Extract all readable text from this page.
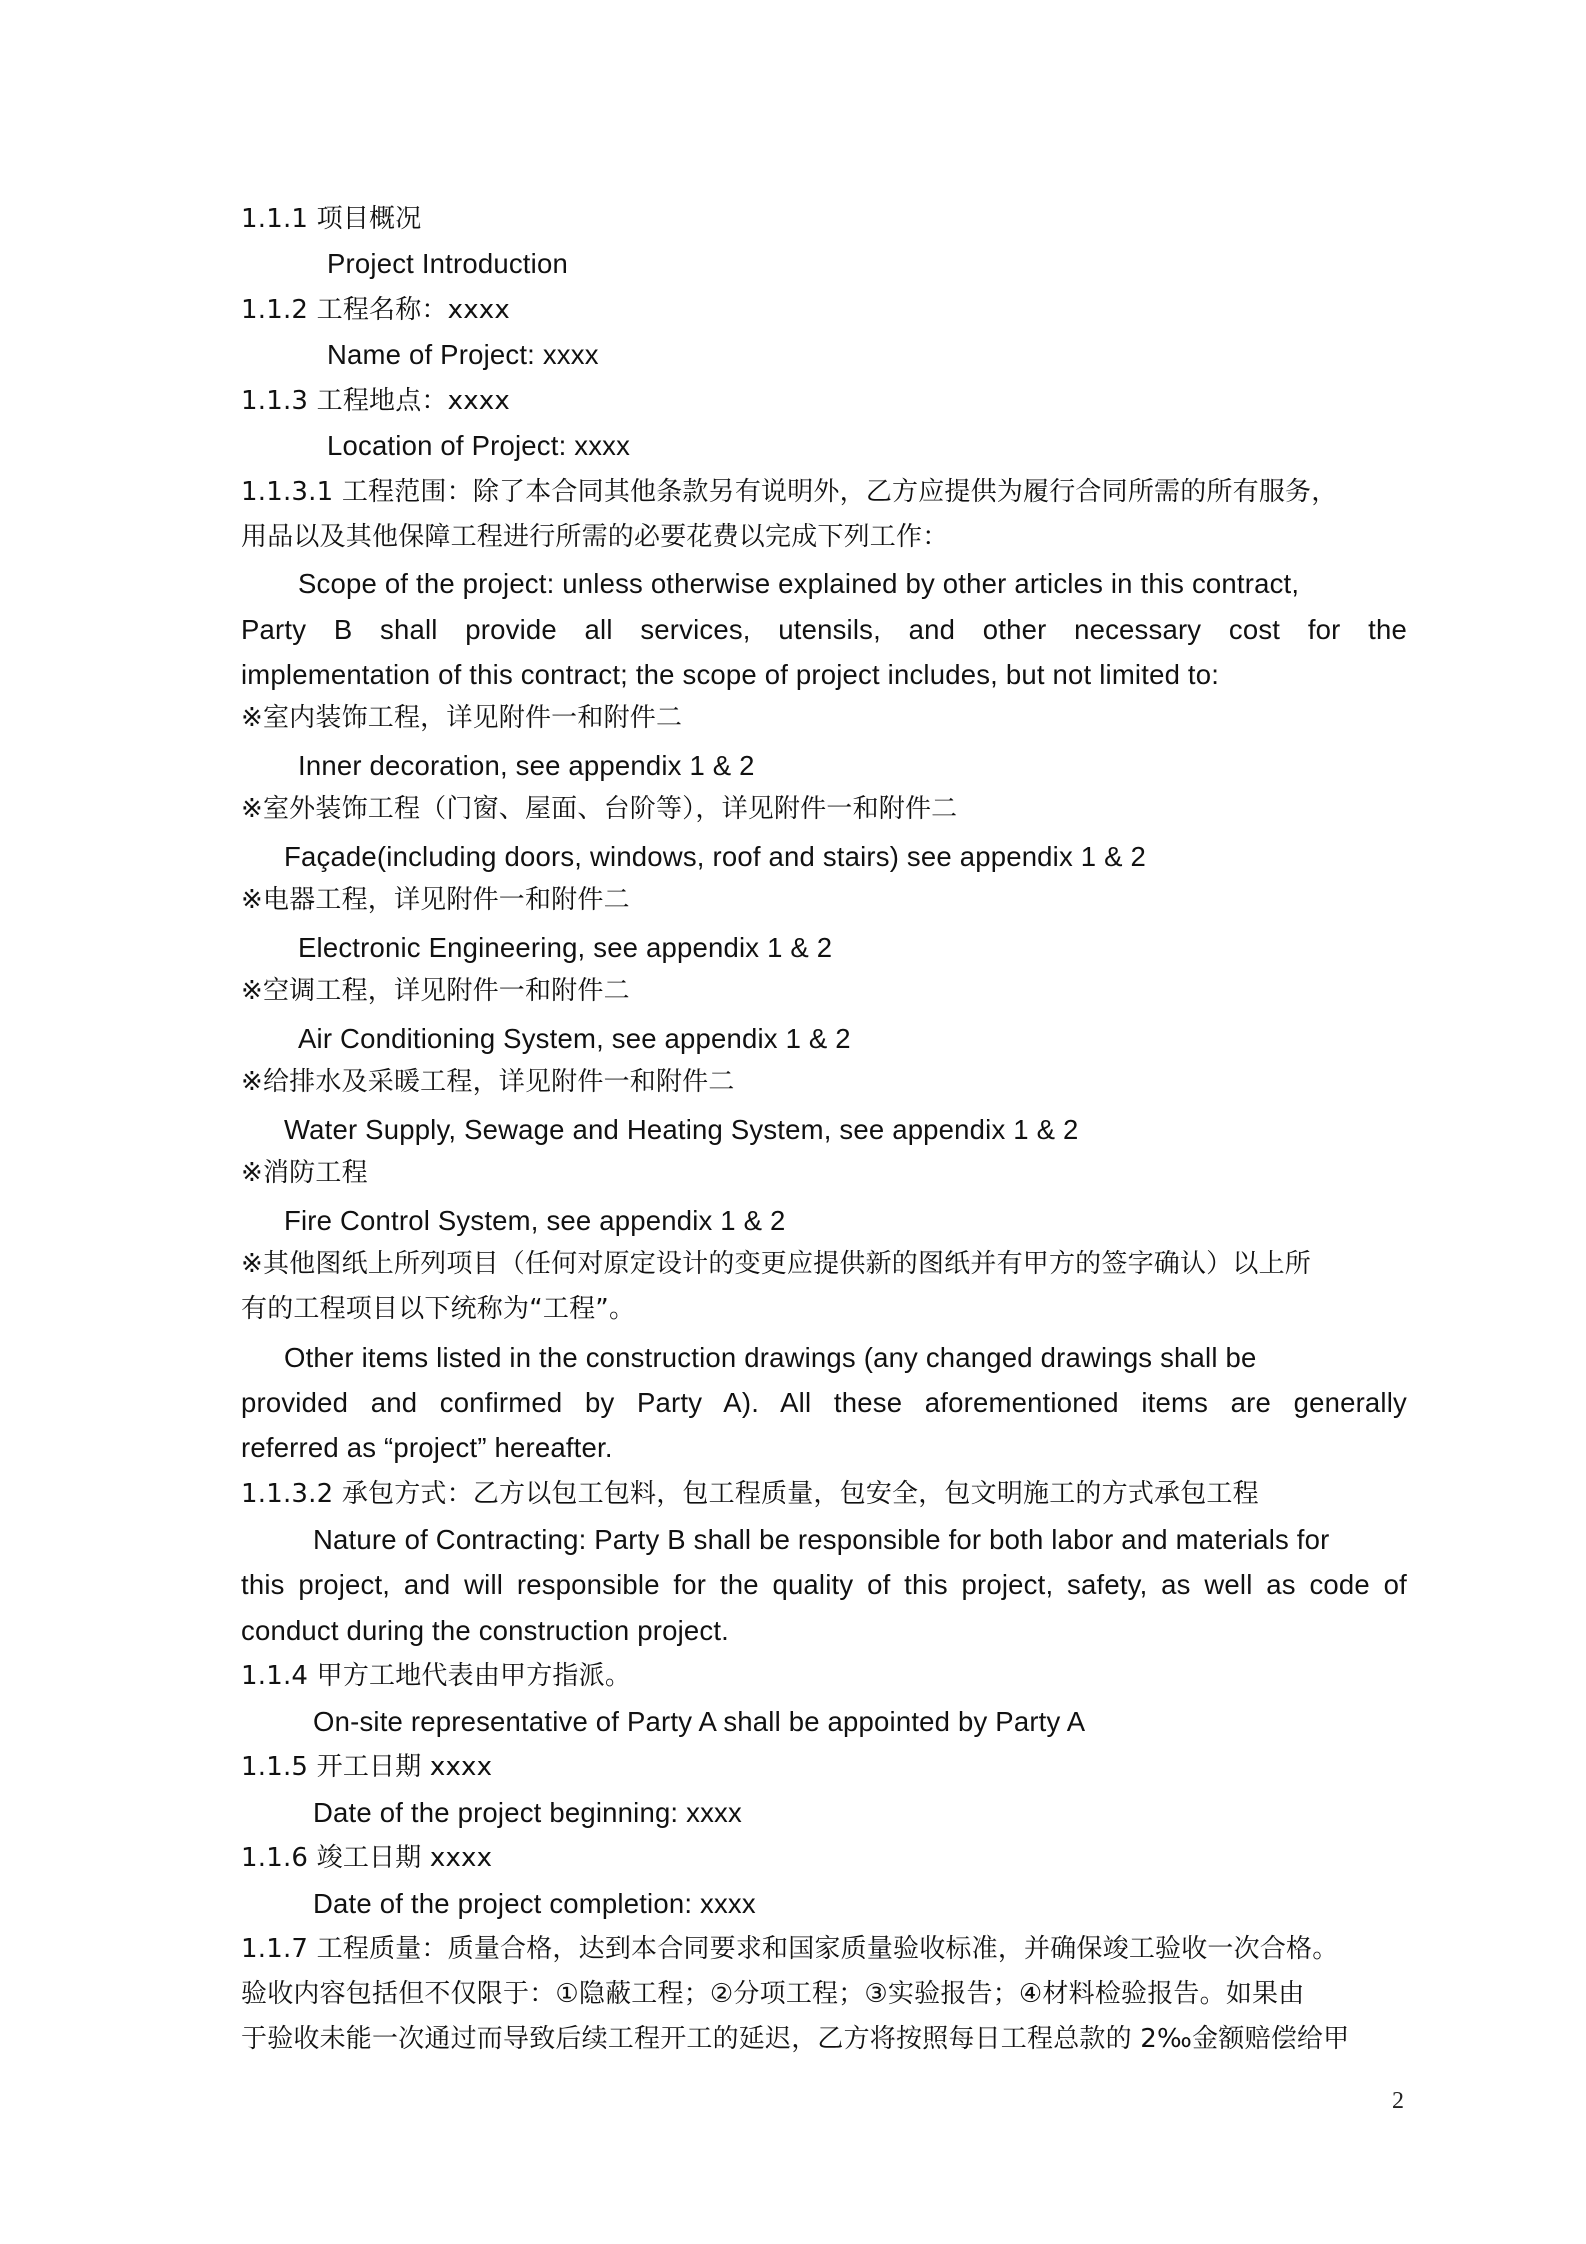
1.1.1 项目概况
Project Introduction
1.1.2 工程名称：xxxx
Name of Project: xxxx
1.1.3 工程地点：xxxx
Location of Project: xxxx
1.1.3.1 工程范围：除了本合同其他条款另有说明外，乙方应提供为履行合同所需的所有服务，
用品以及其他保障工程进行所需的必要花费以完成下列工作：
Scope of the project: unless otherwise explained by other articles in this contract,
Party B shall provide all services, utensils, and other necessary cost for the
implementation of this contract; the scope of project includes, but not limited to:
※室内装饰工程，详见附件一和附件二
Inner decoration, see appendix 1 & 2
※室外装饰工程（门窗、屋面、台阶等），详见附件一和附件二
Façade(including doors, windows, roof and stairs) see appendix 1 & 2
※电器工程，详见附件一和附件二
Electronic Engineering, see appendix 1 & 2
※空调工程，详见附件一和附件二
Air Conditioning System, see appendix 1 & 2
※给排水及采暖工程，详见附件一和附件二
Water Supply, Sewage and Heating System, see appendix 1 & 2
※消防工程
Fire Control System, see appendix 1 & 2
※其他图纸上所列项目（任何对原定设计的变更应提供新的图纸并有甲方的签字确认）以上所
有的工程项目以下统称为“工程”。
Other items listed in the construction drawings (any changed drawings shall be
provided and confirmed by Party A). All these aforementioned items are generally
referred as “project” hereafter.
1.1.3.2 承包方式：乙方以包工包料，包工程质量，包安全，包文明施工的方式承包工程
Nature of Contracting: Party B shall be responsible for both labor and materials for
this project, and will responsible for the quality of this project, safety, as well as code of
conduct during the construction project.
1.1.4 甲方工地代表由甲方指派。
On-site representative of Party A shall be appointed by Party A
1.1.5 开工日期 xxxx
Date of the project beginning: xxxx
1.1.6 竣工日期 xxxx
Date of the project completion: xxxx
1.1.7 工程质量：质量合格，达到本合同要求和国家质量验收标准，并确保竣工验收一次合格。
验收内容包括但不仅限于：①隐蔽工程；②分项工程；③实验报告；④材料检验报告。如果由
于验收未能一次通过而导致后续工程开工的延迟，乙方将按照每日工程总款的 2‰金额赔偿给甲
2
